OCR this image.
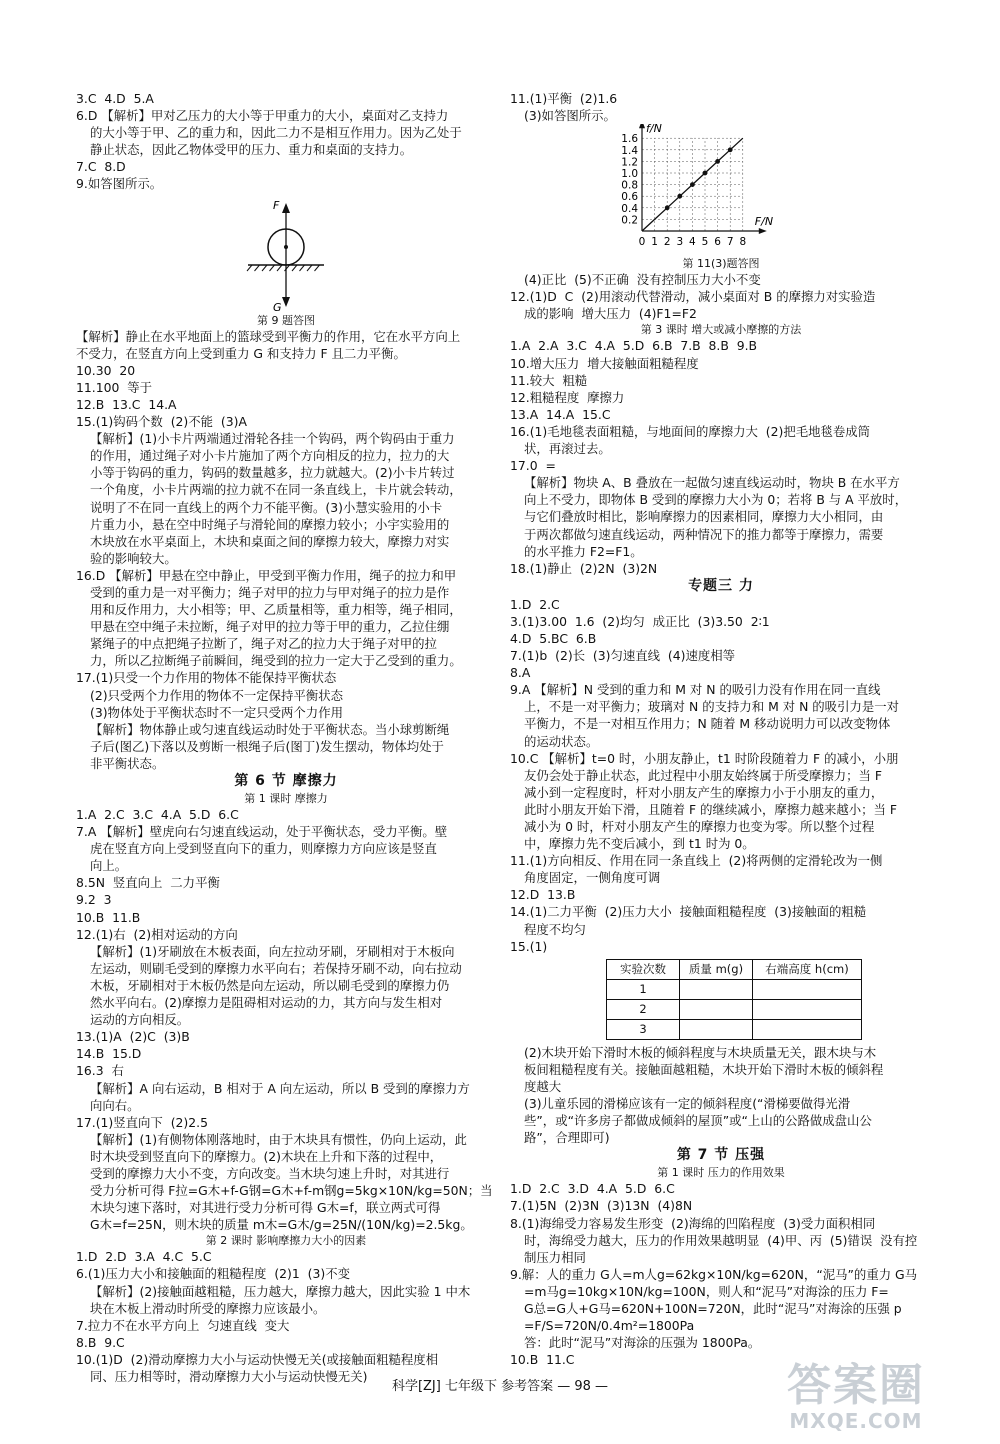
3.C  4.D  5.A
6.D 【解析】甲对乙压力的大小等于甲重力的大小，桌面对乙支持力
的大小等于甲、乙的重力和，因此二力不是相互作用力。因为乙处于
静止状态，因此乙物体受甲的压力、重力和桌面的支持力。
7.C  8.D
9.如答图所示。
F
G
第 9 题答图
【解析】静止在水平地面上的篮球受到平衡力的作用，它在水平方向上
不受力，在竖直方向上受到重力 G 和支持力 F 且二力平衡。
10.30  20
11.100  等于
12.B  13.C  14.A
15.(1)钩码个数  (2)不能  (3)A
【解析】(1)小卡片两端通过滑轮各挂一个钩码，两个钩码由于重力
的作用，通过绳子对小卡片施加了两个方向相反的拉力，拉力的大
小等于钩码的重力，钩码的数量越多，拉力就越大。(2)小卡片转过
一个角度，小卡片两端的拉力就不在同一条直线上，卡片就会转动，
说明了不在同一直线上的两个力不能平衡。(3)小慧实验用的小卡
片重力小，悬在空中时绳子与滑轮间的摩擦力较小；小宇实验用的
木块放在水平桌面上，木块和桌面之间的摩擦力较大，摩擦力对实
验的影响较大。
16.D 【解析】甲悬在空中静止，甲受到平衡力作用，绳子的拉力和甲
受到的重力是一对平衡力；绳子对甲的拉力与甲对绳子的拉力是作
用和反作用力，大小相等；甲、乙质量相等，重力相等，绳子相同，
甲悬在空中绳子未拉断，绳子对甲的拉力等于甲的重力，乙拉住绷
紧绳子的中点把绳子拉断了，绳子对乙的拉力大于绳子对甲的拉
力，所以乙拉断绳子前瞬间，绳受到的拉力一定大于乙受到的重力。
17.(1)只受一个力作用的物体不能保持平衡状态
(2)只受两个力作用的物体不一定保持平衡状态
(3)物体处于平衡状态时不一定只受两个力作用
【解析】物体静止或匀速直线运动时处于平衡状态。当小球剪断绳
子后(图乙)下落以及剪断一根绳子后(图丁)发生摆动，物体均处于
非平衡状态。
第 6 节 摩擦力
第 1 课时 摩擦力
1.A  2.C  3.C  4.A  5.D  6.C
7.A 【解析】壁虎向右匀速直线运动，处于平衡状态，受力平衡。壁
虎在竖直方向上受到竖直向下的重力，则摩擦力方向应该是竖直
向上。
8.5N  竖直向上  二力平衡
9.2  3
10.B  11.B
12.(1)右  (2)相对运动的方向
【解析】(1)牙刷放在木板表面，向左拉动牙刷，牙刷相对于木板向
左运动，则刷毛受到的摩擦力水平向右；若保持牙刷不动，向右拉动
木板，牙刷相对于木板仍然是向左运动，所以刷毛受到的摩擦力仍
然水平向右。(2)摩擦力是阻碍相对运动的力，其方向与发生相对
运动的方向相反。
13.(1)A  (2)C  (3)B
14.B  15.D
16.3  右
【解析】A 向右运动，B 相对于 A 向左运动，所以 B 受到的摩擦力方
向向右。
17.(1)竖直向下  (2)2.5
【解析】(1)有侧物体刚落地时，由于木块具有惯性，仍向上运动，此
时木块受到竖直向下的摩擦力。(2)木块在上升和下落的过程中，
受到的摩擦力大小不变，方向改变。当木块匀速上升时，对其进行
受力分析可得 F拉=G木+f-G钢=G木+f-m钢g=5kg×10N/kg=50N；当
木块匀速下落时，对其进行受力分析可得 G木=f，联立两式可得
G木=f=25N，则木块的质量 m木=G木/g=25N/(10N/kg)=2.5kg。
第 2 课时 影响摩擦力大小的因素
1.D  2.D  3.A  4.C  5.C
6.(1)压力大小和接触面的粗糙程度  (2)1  (3)不变
【解析】(2)接触面越粗糙，压力越大，摩擦力越大，因此实验 1 中木
块在木板上滑动时所受的摩擦力应该最小。
7.拉力不在水平方向上  匀速直线  变大
8.B  9.C
10.(1)D  (2)滑动摩擦力大小与运动快慢无关(或接触面粗糙程度相
同、压力相等时，滑动摩擦力大小与运动快慢无关)
11.(1)平衡  (2)1.6
(3)如答图所示。
0.2
0.4
0.6
0.8
1.0
1.2
1.4
1.6
0 1 2 3 4 5 6 7 8
F/N
f/N
第 11(3)题答图
(4)正比  (5)不正确  没有控制压力大小不变
12.(1)D  C  (2)用滚动代替滑动，减小桌面对 B 的摩擦力对实验造
成的影响  增大压力  (4)F1=F2
第 3 课时 增大或减小摩擦的方法
1.A  2.A  3.C  4.A  5.D  6.B  7.B  8.B  9.B
10.增大压力  增大接触面粗糙程度
11.较大  粗糙
12.粗糙程度  摩擦力
13.A  14.A  15.C
16.(1)毛地毯表面粗糙，与地面间的摩擦力大  (2)把毛地毯卷成筒
状，再滚过去。
17.0  =
【解析】物块 A、B 叠放在一起做匀速直线运动时，物块 B 在水平方
向上不受力，即物体 B 受到的摩擦力大小为 0；若将 B 与 A 平放时，
与它们叠放时相比，影响摩擦力的因素相同，摩擦力大小相同，由
于两次都做匀速直线运动，两种情况下的推力都等于摩擦力，需要
的水平推力 F2=F1。
18.(1)静止  (2)2N  (3)2N
专题三 力
1.D  2.C
3.(1)3.00  1.6  (2)均匀  成正比  (3)3.50  2∶1
4.D  5.BC  6.B
7.(1)b  (2)长  (3)匀速直线  (4)速度相等
8.A
9.A 【解析】N 受到的重力和 M 对 N 的吸引力没有作用在同一直线
上，不是一对平衡力；玻璃对 N 的支持力和 M 对 N 的吸引力是一对
平衡力，不是一对相互作用力；N 随着 M 移动说明力可以改变物体
的运动状态。
10.C 【解析】t=0 时，小朋友静止，t1 时阶段随着力 F 的减小，小朋
友仍会处于静止状态，此过程中小朋友始终属于所受摩擦力；当 F
减小到一定程度时，杆对小朋友产生的摩擦力小于小朋友的重力，
此时小朋友开始下滑，且随着 F 的继续减小，摩擦力越来越小；当 F
减小为 0 时，杆对小朋友产生的摩擦力也变为零。所以整个过程
中，摩擦力先不变后减小，到 t1 时为 0。
11.(1)方向相反、作用在同一条直线上  (2)将两侧的定滑轮改为一侧
角度固定，一侧角度可调
12.D  13.B
14.(1)二力平衡  (2)压力大小  接触面粗糙程度  (3)接触面的粗糙
程度不均匀
15.(1)
实验次数	质量 m(g)	右端高度 h(cm)
1		
2		
3		
(2)木块开始下滑时木板的倾斜程度与木块质量无关，跟木块与木
板间粗糙程度有关。接触面越粗糙，木块开始下滑时木板的倾斜程
度越大
(3)儿童乐园的滑梯应该有一定的倾斜程度(“滑梯要做得光滑
些”，或“许多房子都做成倾斜的屋顶”或“上山的公路做成盘山公
路”，合理即可)
第 7 节 压强
第 1 课时 压力的作用效果
1.D  2.C  3.D  4.A  5.D  6.C
7.(1)5N  (2)3N  (3)13N  (4)8N
8.(1)海绵受力容易发生形变  (2)海绵的凹陷程度  (3)受力面积相同
时，海绵受力越大，压力的作用效果越明显  (4)甲、丙  (5)错误  没有控
制压力相同
9.解：人的重力 G人=m人g=62kg×10N/kg=620N，“泥马”的重力 G马
=m马g=10kg×10N/kg=100N，则人和“泥马”对海涂的压力 F=
G总=G人+G马=620N+100N=720N，此时“泥马”对海涂的压强 p
=F/S=720N/0.4m²=1800Pa
答：此时“泥马”对海涂的压强为 1800Pa。
10.B  11.C
科学[ZJ] 七年级下 参考答案 — 98 —	答案圈
MXQE.COM
